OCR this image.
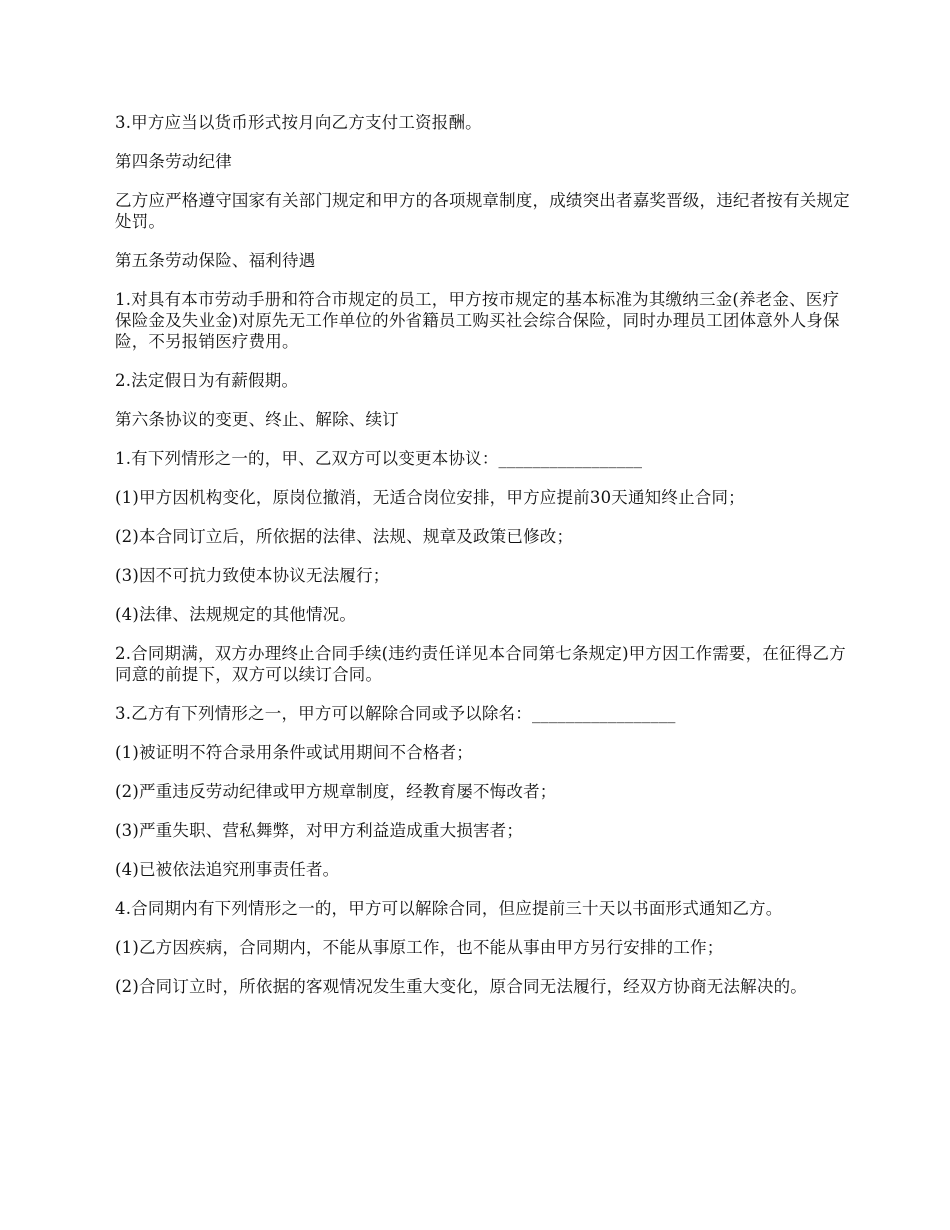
3.甲方应当以货币形式按月向乙方支付工资报酬。

第四条劳动纪律

乙方应严格遵守国家有关部门规定和甲方的各项规章制度，成绩突出者嘉奖晋级，违纪者按有关规定处罚。

第五条劳动保险、福利待遇

1.对具有本市劳动手册和符合市规定的员工，甲方按市规定的基本标准为其缴纳三金(养老金、医疗保险金及失业金)对原先无工作单位的外省籍员工购买社会综合保险，同时办理员工团体意外人身保险，不另报销医疗费用。

2.法定假日为有薪假期。

第六条协议的变更、终止、解除、续订

1.有下列情形之一的，甲、乙双方可以变更本协议：_________________

(1)甲方因机构变化，原岗位撤消，无适合岗位安排，甲方应提前30天通知终止合同；

(2)本合同订立后，所依据的法律、法规、规章及政策已修改；

(3)因不可抗力致使本协议无法履行；

(4)法律、法规规定的其他情况。

2.合同期满，双方办理终止合同手续(违约责任详见本合同第七条规定)甲方因工作需要，在征得乙方同意的前提下，双方可以续订合同。

3.乙方有下列情形之一，甲方可以解除合同或予以除名：_________________

(1)被证明不符合录用条件或试用期间不合格者；

(2)严重违反劳动纪律或甲方规章制度，经教育屡不悔改者；

(3)严重失职、营私舞弊，对甲方利益造成重大损害者；

(4)已被依法追究刑事责任者。

4.合同期内有下列情形之一的，甲方可以解除合同，但应提前三十天以书面形式通知乙方。

(1)乙方因疾病，合同期内，不能从事原工作，也不能从事由甲方另行安排的工作；

(2)合同订立时，所依据的客观情况发生重大变化，原合同无法履行，经双方协商无法解决的。
